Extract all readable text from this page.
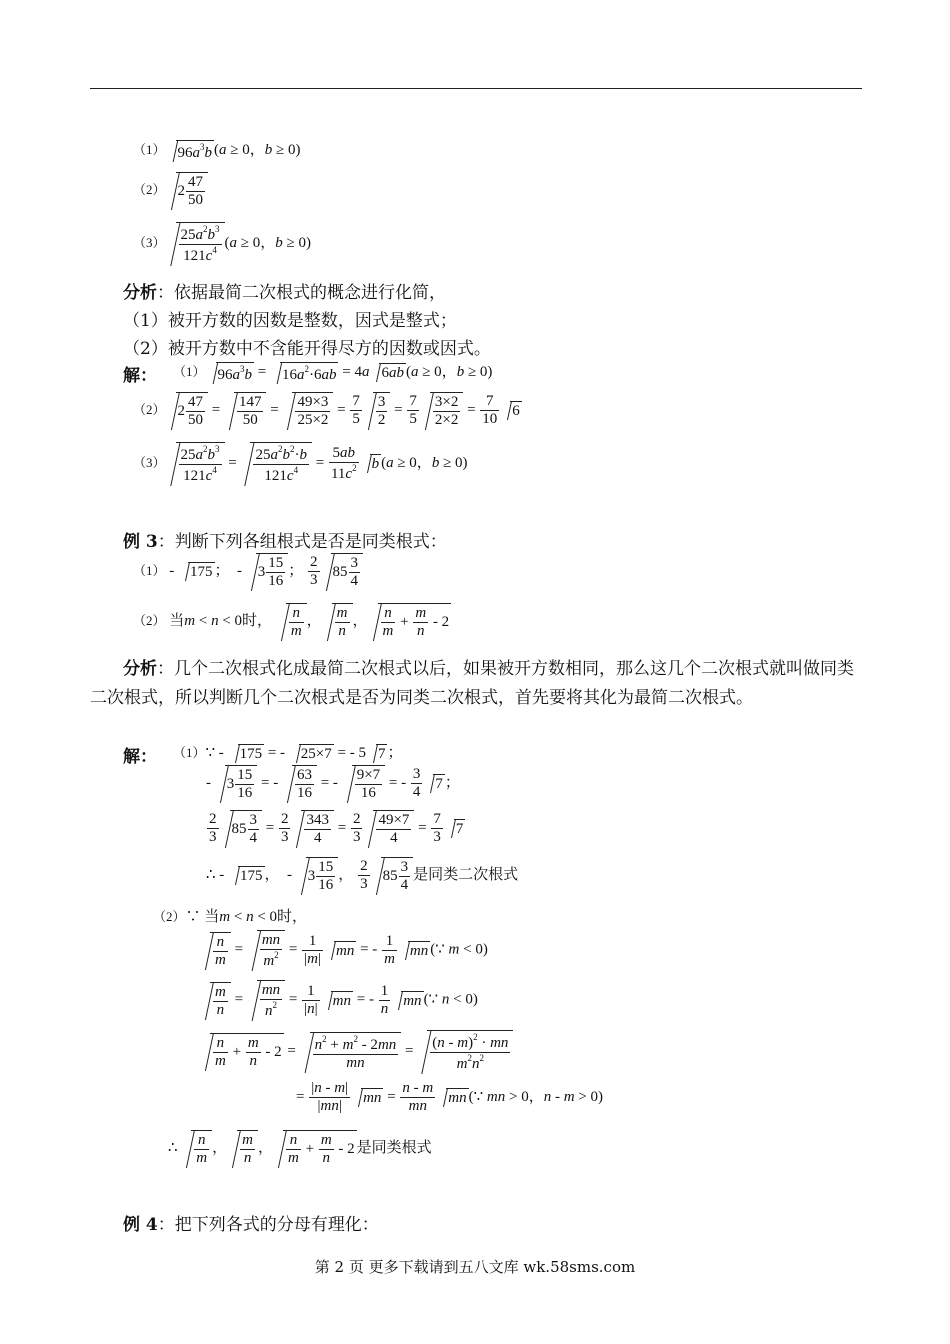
（1） $96a^3b$ (a ≥ 0，b ≥ 0)
（2） $2 \frac{47}{50}$
$(3) \frac{25a^2b^3}{121c^4} (a \ge 0$，b ≥ 0)
分析：依据最简二次根式的概念进行化简，
（1）被开方数的因数是整数，因式是整式；
（2）被开方数中不含能开得尽方的因数或因式。
解： （1） $96a^3b = 16a^2\cdot 6ab = 4a$ 6ab (a ≥ 0，b ≥ 0)
（2） $2 \frac{47}{50} = \frac{147}{50} = \frac{49\times 3}{25\times 2} = \frac{7}{5} \frac{3}{2} = \frac{7}{5} \frac{3\times 2}{2\times 2} = \frac{7}{10} 6$
$(3) \frac{25a^2b^3}{121c^4} = \frac{25a^2b^2\cdot b}{121c^4} = \frac{5ab}{11c^2}$ b (a ≥ 0，b ≥ 0)
例 3：判断下列各组根式是否是同类根式：
（1） - 175 ；  - $3 \frac{15}{16}$ ； $\frac{2}{3} 85 \frac{3}{4}$
（2） 当m < n < 0时， $\frac{n}{m}$ ， $\frac{m}{n}$ ， $\frac{n}{m} + \frac{m}{n} - 2$
分析：几个二次根式化成最简二次根式以后，如果被开方数相同，那么这几个二次根式就叫做同类二次根式，所以判断几个二次根式是否为同类二次根式，首先要将其化为最简二次根式。
解： （1）∵ - 175 = - 25×7 = - 5 7 ；
- $3 \frac{15}{16}$ = - $\frac{63}{16}$ = - $\frac{9\times 7}{16}$ = - $\frac{3}{4} 7$ ；
$\frac{2}{3} 85 \frac{3}{4} = \frac{2}{3} \frac{343}{4} = \frac{2}{3} \frac{49\times 7}{4} = \frac{7}{3} 7$
∴ - 175 ，  - $3 \frac{15}{16}$ ， $\frac{2}{3} 85 \frac{3}{4}$ 是同类二次根式
（2）∵ 当m < n < 0时，
$\frac{n}{m} = \frac{mn}{m^2} = \frac{1}{|m|}$ mn = - $\frac{1}{m}$ mn (∵ m < 0)
$\frac{m}{n} = \frac{mn}{n^2} = \frac{1}{|n|}$ mn = - $\frac{1}{n}$ mn (∵ n < 0)
$\frac{n}{m} + \frac{m}{n} - 2 = \frac{n^2 + m^2 - 2mn}{mn} = \frac{(n - m)^2 \cdot mn}{m^2n^2}$
= $\frac{|n - m|}{|mn|}$ mn = $\frac{n - m}{mn}$ mn (∵ mn > 0，n - m > 0)
∴ $\frac{n}{m}$ ， $\frac{m}{n}$ ， $\frac{n}{m} + \frac{m}{n} - 2$ 是同类根式
例 4：把下列各式的分母有理化：
第 2 页 更多下载请到五八文库 wk.58sms.com
